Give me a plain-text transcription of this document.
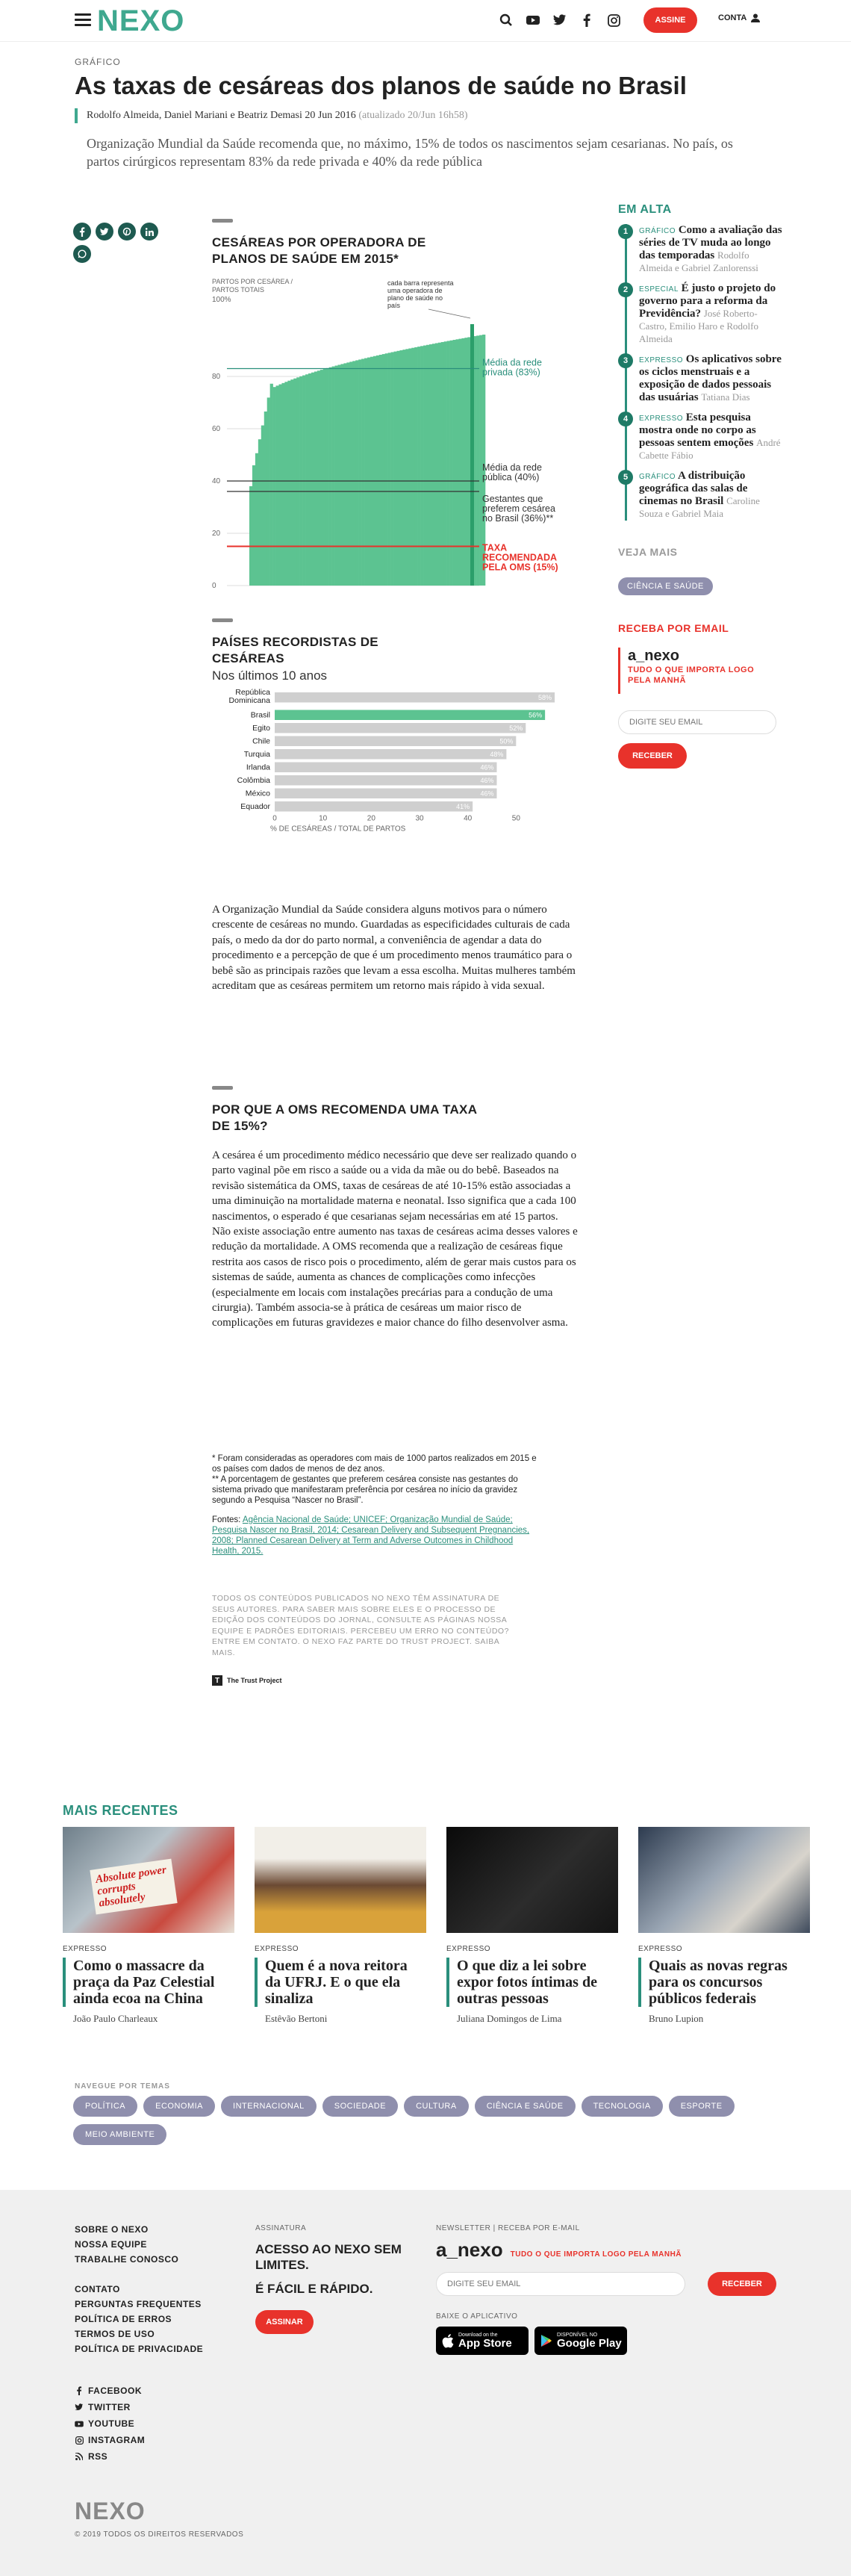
NEXO	ASSINE	CONTA
GRÁFICO
As taxas de cesáreas dos planos de saúde no Brasil
Rodolfo Almeida, Daniel Mariani e Beatriz Demasi 20 Jun 2016 (atualizado 20/Jun 16h58)

Organização Mundial da Saúde recomenda que, no máximo, 15% de todos os nascimentos sejam cesarianas. No país, os partos cirúrgicos representam 83% da rede privada e 40% da rede pública

CESÁREAS POR OPERADORA DE PLANOS DE SAÚDE EM 2015*
PARTOS POR CESÁREA / PARTOS TOTAIS
100%
80
60
40
20
0
cada barra representa uma operadora de plano de saúde no país
Média da rede privada (83%)
Média da rede pública (40%)
Gestantes que preferem cesárea no Brasil (36%)**
TAXA RECOMENDADA PELA OMS (15%)
PAÍSES RECORDISTAS DE CESÁREAS
Nos últimos 10 anos
República Dominicana	58%
Brasil	56%
Egito	52%
Chile	50%
Turquia	48%
Irlanda	46%
Colômbia	46%
México	46%
Equador	41%
0	10	20	30	40	50
% DE CESÁREAS / TOTAL DE PARTOS

A Organização Mundial da Saúde considera alguns motivos para o número crescente de cesáreas no mundo. Guardadas as especificidades culturais de cada país, o medo da dor do parto normal, a conveniência de agendar a data do procedimento e a percepção de que é um procedimento menos traumático para o bebê são as principais razões que levam a essa escolha. Muitas mulheres também acreditam que as cesáreas permitem um retorno mais rápido à vida sexual.

POR QUE A OMS RECOMENDA UMA TAXA DE 15%?

A cesárea é um procedimento médico necessário que deve ser realizado quando o parto vaginal põe em risco a saúde ou a vida da mãe ou do bebê. Baseados na revisão sistemática da OMS, taxas de cesáreas de até 10-15% estão associadas a uma diminuição na mortalidade materna e neonatal. Isso significa que a cada 100 nascimentos, o esperado é que cesarianas sejam necessárias em até 15 partos. Não existe associação entre aumento nas taxas de cesáreas acima desses valores e redução da mortalidade. A OMS recomenda que a realização de cesáreas fique restrita aos casos de risco pois o procedimento, além de gerar mais custos para os sistemas de saúde, aumenta as chances de complicações como infecções (especialmente em locais com instalações precárias para a condução de uma cirurgia). Também associa-se à prática de cesáreas um maior risco de complicações em futuras gravidezes e maior chance do filho desenvolver asma.

* Foram consideradas as operadores com mais de 1000 partos realizados em 2015 e os países com dados de menos de dez anos.

** A porcentagem de gestantes que preferem cesárea consiste nas gestantes do sistema privado que manifestaram preferência por cesárea no início da gravidez segundo a Pesquisa “Nascer no Brasil”.

Fontes: Agência Nacional de Saúde; UNICEF; Organização Mundial de Saúde; Pesquisa Nascer no Brasil, 2014; Cesarean Delivery and Subsequent Pregnancies, 2008; Planned Cesarean Delivery at Term and Adverse Outcomes in Childhood Health, 2015.

TODOS OS CONTEÚDOS PUBLICADOS NO NEXO TÊM ASSINATURA DE SEUS AUTORES. PARA SABER MAIS SOBRE ELES E O PROCESSO DE EDIÇÃO DOS CONTEÚDOS DO JORNAL, CONSULTE AS PÁGINAS NOSSA EQUIPE E PADRÕES EDITORIAIS. PERCEBEU UM ERRO NO CONTEÚDO? ENTRE EM CONTATO. O NEXO FAZ PARTE DO TRUST PROJECT. SAIBA MAIS.
T	The Trust Project
EM ALTA
1	GRÁFICO Como a avaliação das séries de TV muda ao longo das temporadas Rodolfo Almeida e Gabriel Zanlorenssi
2	ESPECIAL É justo o projeto do governo para a reforma da Previdência? José Roberto-Castro, Emilio Haro e Rodolfo Almeida
3	EXPRESSO Os aplicativos sobre os ciclos menstruais e a exposição de dados pessoais das usuárias Tatiana Dias
4	EXPRESSO Esta pesquisa mostra onde no corpo as pessoas sentem emoções André Cabette Fábio
5	GRÁFICO A distribuição geográfica das salas de cinemas no Brasil Caroline Souza e Gabriel Maia
VEJA MAIS
CIÊNCIA E SAÚDE
RECEBA POR EMAIL
a_nexo
TUDO O QUE IMPORTA LOGO PELA MANHÃ
DIGITE SEU EMAIL
RECEBER
MAIS RECENTES
Absolute power corrupts absolutely
EXPRESSO
Como o massacre da praça da Paz Celestial ainda ecoa na China
João Paulo Charleaux
EXPRESSO
Quem é a nova reitora da UFRJ. E o que ela sinaliza
Estêvão Bertoni
EXPRESSO
O que diz a lei sobre expor fotos íntimas de outras pessoas
Juliana Domingos de Lima
EXPRESSO
Quais as novas regras para os concursos públicos federais
Bruno Lupion
NAVEGUE POR TEMAS
POLÍTICA	ECONOMIA	INTERNACIONAL	SOCIEDADE	CULTURA	CIÊNCIA E SAÚDE	TECNOLOGIA	ESPORTE
MEIO AMBIENTE
SOBRE O NEXO
NOSSA EQUIPE
TRABALHE CONOSCO
CONTATO
PERGUNTAS FREQUENTES
POLÍTICA DE ERROS
TERMOS DE USO
POLÍTICA DE PRIVACIDADE
FACEBOOK
TWITTER
YOUTUBE
INSTAGRAM
RSS
ASSINATURA
ACESSO AO NEXO SEM LIMITES.
É FÁCIL E RÁPIDO.
ASSINAR
NEWSLETTER | RECEBA POR E-MAIL
a_nexo TUDO O QUE IMPORTA LOGO PELA MANHÃ
DIGITE SEU EMAIL
RECEBER
BAIXE O APLICATIVO
Download on the
App Store
DISPONÍVEL NO
Google Play
NEXO
© 2019 TODOS OS DIREITOS RESERVADOS
